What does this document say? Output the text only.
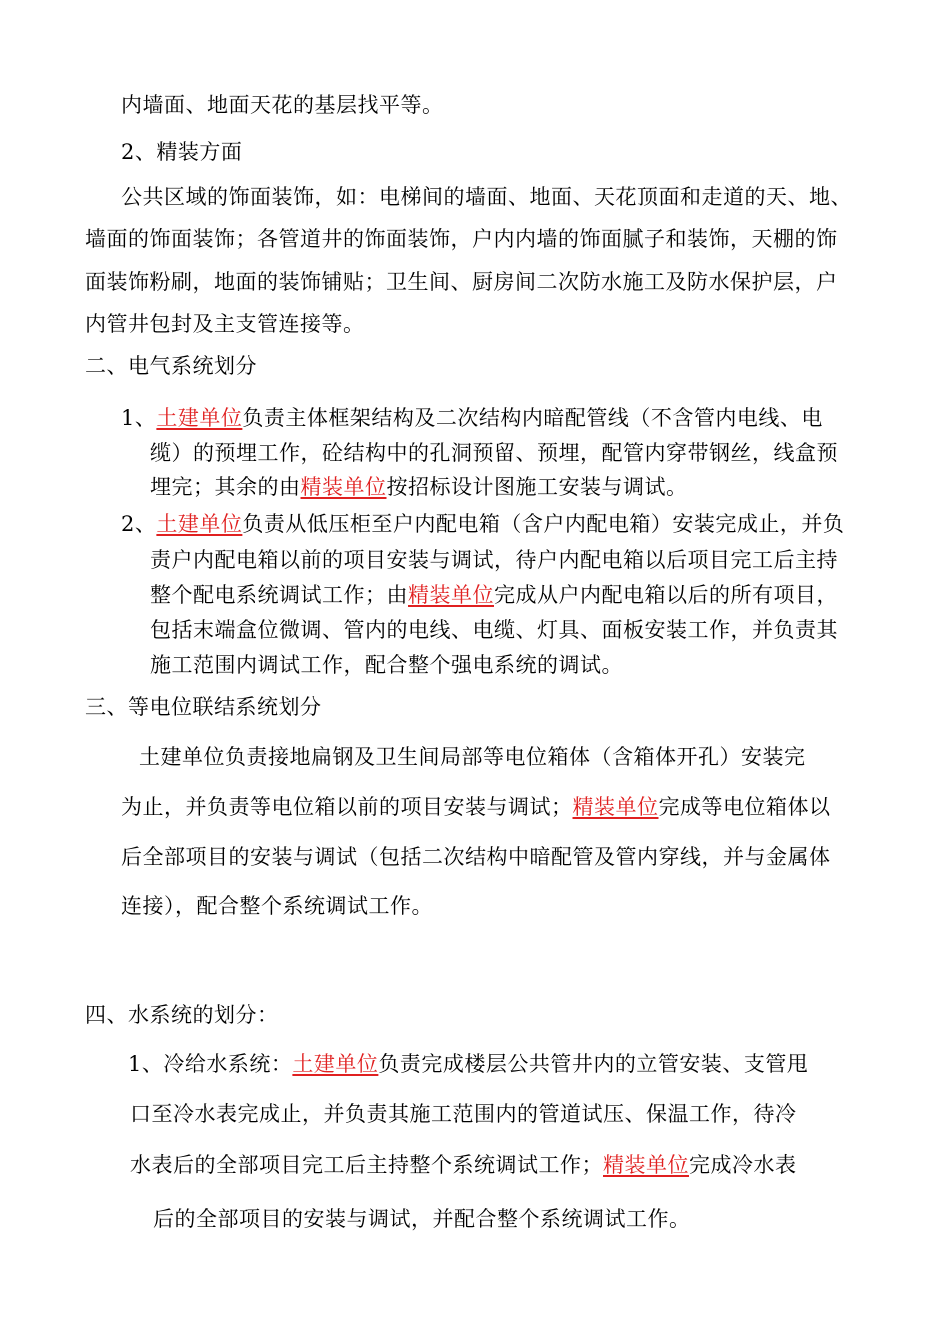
内墙面、地面天花的基层找平等。
2、精装方面
公共区域的饰面装饰，如：电梯间的墙面、地面、天花顶面和走道的天、地、
墙面的饰面装饰；各管道井的饰面装饰，户内内墙的饰面腻子和装饰，天棚的饰
面装饰粉刷，地面的装饰铺贴；卫生间、厨房间二次防水施工及防水保护层，户
内管井包封及主支管连接等。
二、电气系统划分
1、土建单位负责主体框架结构及二次结构内暗配管线（不含管内电线、电
缆）的预埋工作，砼结构中的孔洞预留、预埋，配管内穿带钢丝，线盒预
埋完；其余的由精装单位按招标设计图施工安装与调试。
2、土建单位负责从低压柜至户内配电箱（含户内配电箱）安装完成止，并负
责户内配电箱以前的项目安装与调试，待户内配电箱以后项目完工后主持
整个配电系统调试工作；由精装单位完成从户内配电箱以后的所有项目，
包括末端盒位微调、管内的电线、电缆、灯具、面板安装工作，并负责其
施工范围内调试工作，配合整个强电系统的调试。
三、等电位联结系统划分
土建单位负责接地扁钢及卫生间局部等电位箱体（含箱体开孔）安装完
为止，并负责等电位箱以前的项目安装与调试；精装单位完成等电位箱体以
后全部项目的安装与调试（包括二次结构中暗配管及管内穿线，并与金属体
连接），配合整个系统调试工作。
四、水系统的划分：
1、冷给水系统：土建单位负责完成楼层公共管井内的立管安装、支管甩
口至冷水表完成止，并负责其施工范围内的管道试压、保温工作，待冷
水表后的全部项目完工后主持整个系统调试工作；精装单位完成冷水表
后的全部项目的安装与调试，并配合整个系统调试工作。
